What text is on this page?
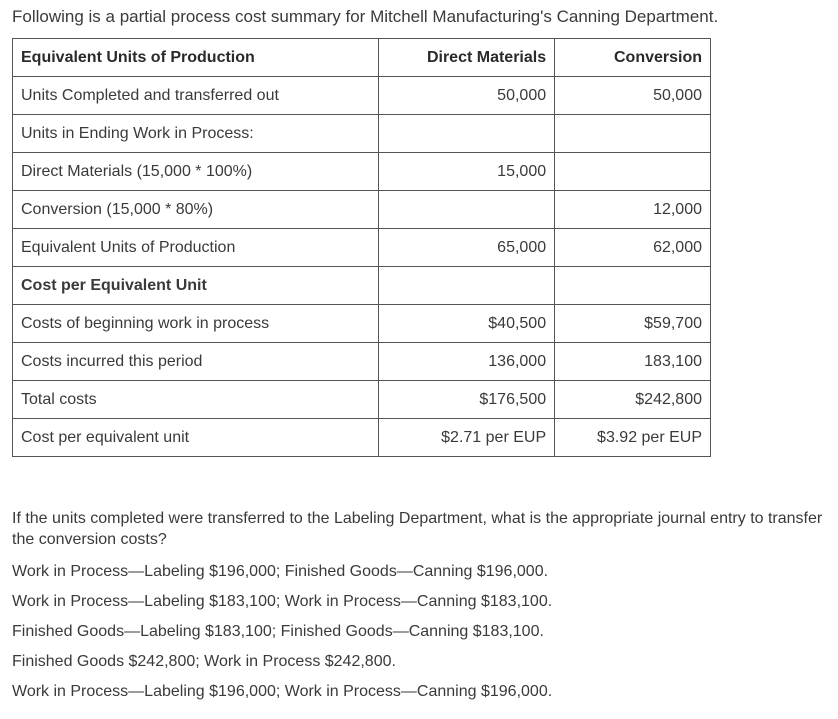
Following is a partial process cost summary for Mitchell Manufacturing's Canning Department.
Equivalent Units of Production	Direct Materials	Conversion
Units Completed and transferred out	50,000	50,000
Units in Ending Work in Process:		
Direct Materials (15,000 * 100%)	15,000	
Conversion (15,000 * 80%)		12,000
Equivalent Units of Production	65,000	62,000
Cost per Equivalent Unit		
Costs of beginning work in process	$40,500	$59,700
Costs incurred this period	136,000	183,100
Total costs	$176,500	$242,800
Cost per equivalent unit	$2.71 per EUP	$3.92 per EUP
If the units completed were transferred to the Labeling Department, what is the appropriate journal entry to transfer the conversion costs?
Work in Process—Labeling $196,000; Finished Goods—Canning $196,000.
Work in Process—Labeling $183,100; Work in Process—Canning $183,100.
Finished Goods—Labeling $183,100; Finished Goods—Canning $183,100.
Finished Goods $242,800; Work in Process $242,800.
Work in Process—Labeling $196,000; Work in Process—Canning $196,000.
